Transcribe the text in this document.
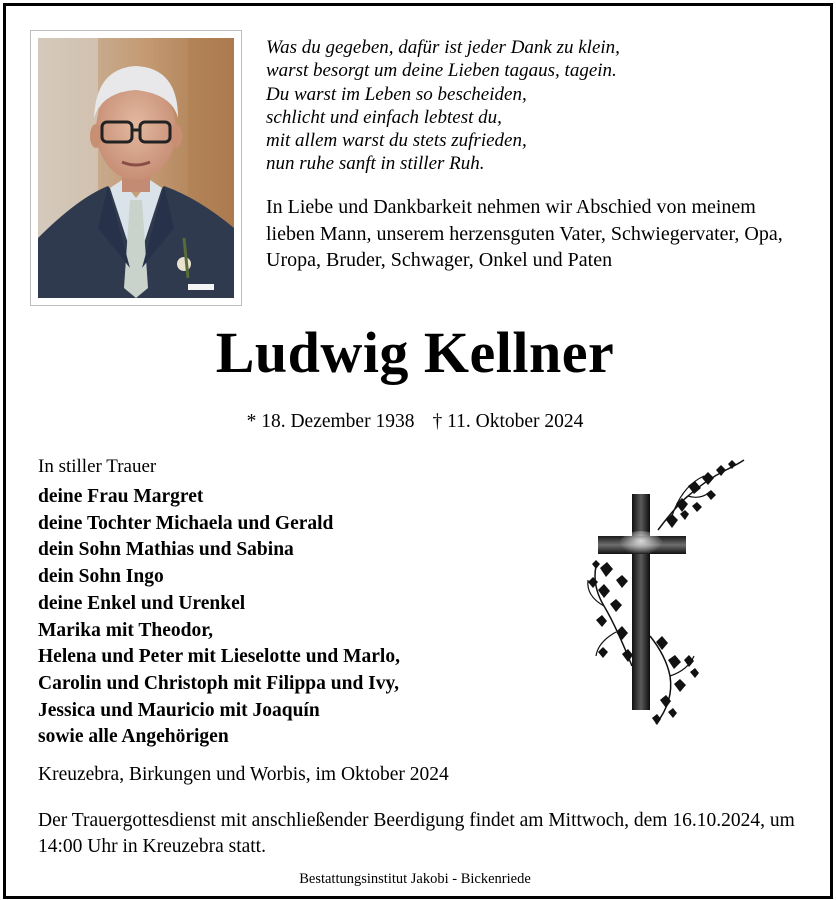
Was du gegeben, dafür ist jeder Dank zu klein,
warst besorgt um deine Lieben tagaus, tagein.
Du warst im Leben so bescheiden,
schlicht und einfach lebtest du,
mit allem warst du stets zufrieden,
nun ruhe sanft in stiller Ruh.
In Liebe und Dankbarkeit nehmen wir Abschied von meinem lieben Mann, unserem herzensguten Vater, Schwiegervater, Opa, Uropa, Bruder, Schwager, Onkel und Paten
Ludwig Kellner
* 18. Dezember 1938 † 11. Oktober 2024
In stiller Trauer
deine Frau Margret
deine Tochter Michaela und Gerald
dein Sohn Mathias und Sabina
dein Sohn Ingo
deine Enkel und Urenkel
Marika mit Theodor,
Helena und Peter mit Lieselotte und Marlo,
Carolin und Christoph mit Filippa und Ivy,
Jessica und Mauricio mit Joaquín
sowie alle Angehörigen
Kreuzebra, Birkungen und Worbis, im Oktober 2024
Der Trauergottesdienst mit anschließender Beerdigung findet am Mittwoch, dem 16.10.2024, um 14:00 Uhr in Kreuzebra statt.
Bestattungsinstitut Jakobi - Bickenriede
